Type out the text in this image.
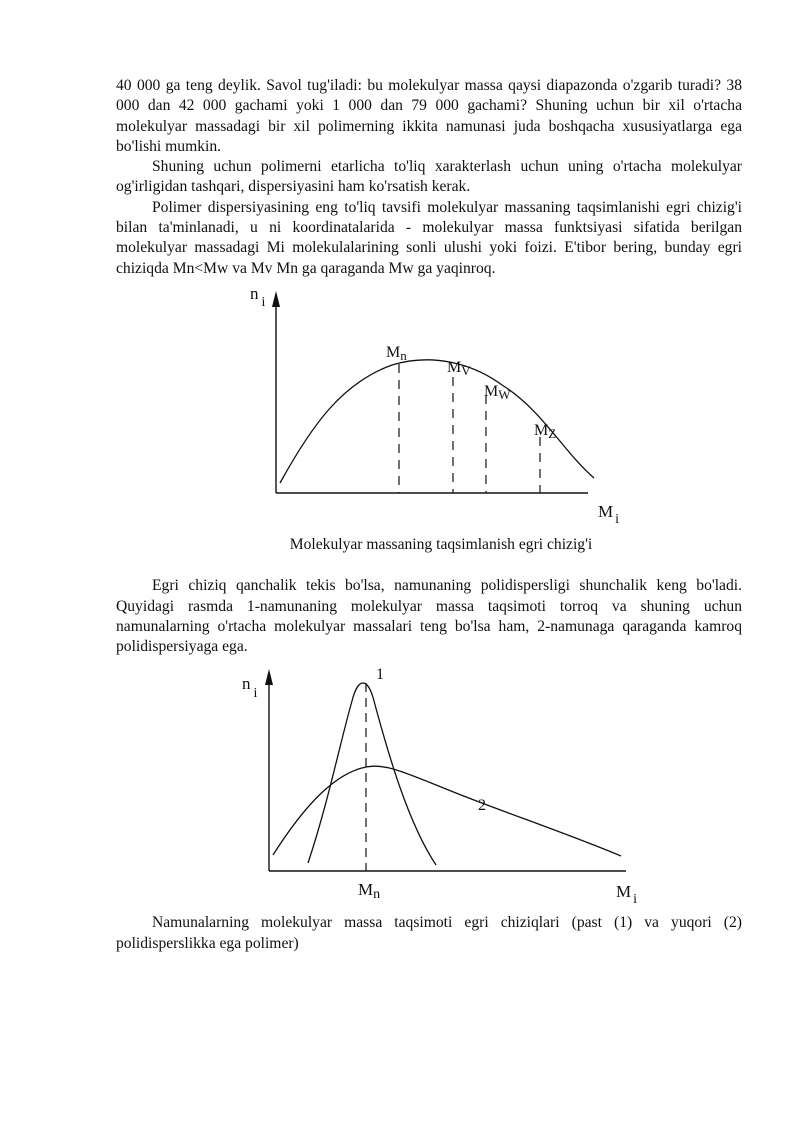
40 000 ga teng deylik. Savol tug'iladi: bu molekulyar massa qaysi diapazonda o'zgarib turadi? 38 000 dan 42 000 gachami yoki 1 000 dan 79 000 gachami? Shuning uchun bir xil o'rtacha molekulyar massadagi bir xil polimerning ikkita namunasi juda boshqacha xususiyatlarga ega bo'lishi mumkin.

Shuning uchun polimerni etarlicha to'liq xarakterlash uchun uning o'rtacha molekulyar og'irligidan tashqari, dispersiyasini ham ko'rsatish kerak.

Polimer dispersiyasining eng to'liq tavsifi molekulyar massaning taqsimlanishi egri chizig'i bilan ta'minlanadi, u ni koordinatalarida - molekulyar massa funktsiyasi sifatida berilgan molekulyar massadagi Mi molekulalarining sonli ulushi yoki foizi. E'tibor bering, bunday egri chiziqda Mn<Mw va Mv Mn ga qaraganda Mw ga yaqinroq.

n $_i$
M $_i$
Mn
MV
MW
MZ

Molekulyar massaning taqsimlanish egri chizig'i

Egri chiziq qanchalik tekis bo'lsa, namunaning polidispersligi shunchalik keng bo'ladi. Quyidagi rasmda 1-namunaning molekulyar massa taqsimoti torroq va shuning uchun namunalarning o'rtacha molekulyar massalari teng bo'lsa ham, 2-namunaga qaraganda kamroq polidispersiyaga ega.

$n_i$
M $_i$
Mn
1
2

Namunalarning molekulyar massa taqsimoti egri chiziqlari (past (1) va yuqori (2) polidisperslikka ega polimer)
